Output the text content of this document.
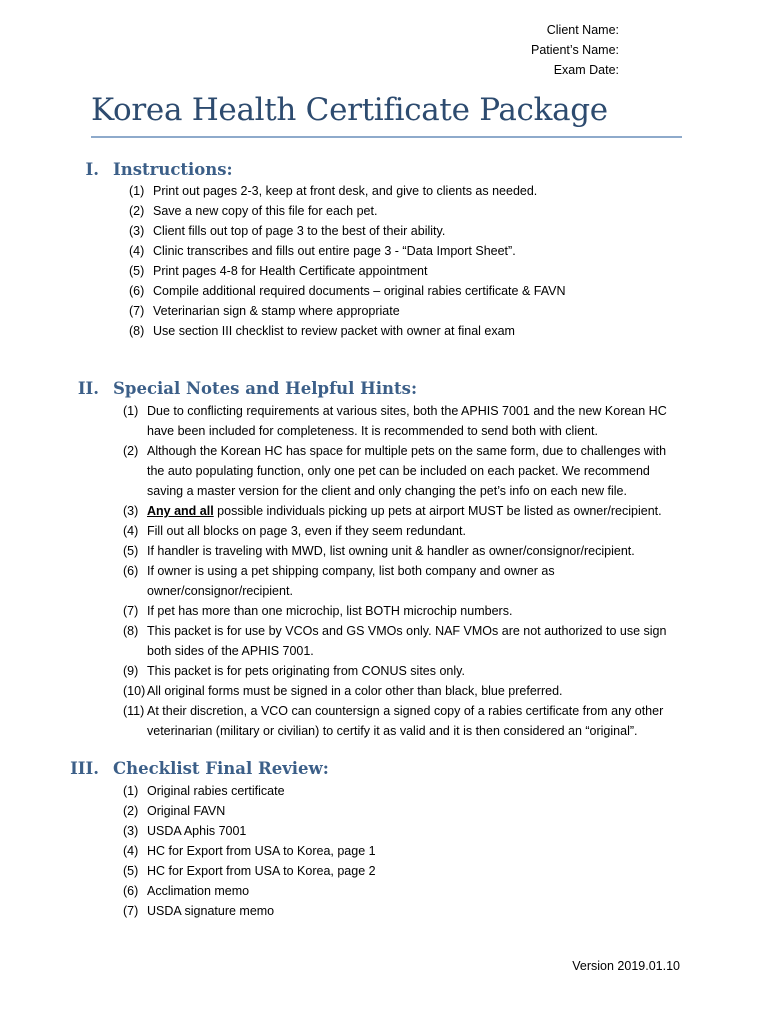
Client Name:
Patient’s Name:
Exam Date:
Korea Health Certificate Package
I. Instructions:
(1) Print out pages 2-3, keep at front desk, and give to clients as needed.
(2) Save a new copy of this file for each pet.
(3) Client fills out top of page 3 to the best of their ability.
(4) Clinic transcribes and fills out entire page 3 - “Data Import Sheet”.
(5) Print pages 4-8 for Health Certificate appointment
(6) Compile additional required documents – original rabies certificate & FAVN
(7) Veterinarian sign & stamp where appropriate
(8) Use section III checklist to review packet with owner at final exam
II. Special Notes and Helpful Hints:
(1) Due to conflicting requirements at various sites, both the APHIS 7001 and the new Korean HC
have been included for completeness. It is recommended to send both with client.
(2) Although the Korean HC has space for multiple pets on the same form, due to challenges with
the auto populating function, only one pet can be included on each packet. We recommend
saving a master version for the client and only changing the pet’s info on each new file.
(3) Any and all possible individuals picking up pets at airport MUST be listed as owner/recipient.
(4) Fill out all blocks on page 3, even if they seem redundant.
(5) If handler is traveling with MWD, list owning unit & handler as owner/consignor/recipient.
(6) If owner is using a pet shipping company, list both company and owner as
owner/consignor/recipient.
(7) If pet has more than one microchip, list BOTH microchip numbers.
(8) This packet is for use by VCOs and GS VMOs only. NAF VMOs are not authorized to use sign
both sides of the APHIS 7001.
(9) This packet is for pets originating from CONUS sites only.
(10) All original forms must be signed in a color other than black, blue preferred.
(11) At their discretion, a VCO can countersign a signed copy of a rabies certificate from any other
veterinarian (military or civilian) to certify it as valid and it is then considered an “original”.
III. Checklist Final Review:
(1) Original rabies certificate
(2) Original FAVN
(3) USDA Aphis 7001
(4) HC for Export from USA to Korea, page 1
(5) HC for Export from USA to Korea, page 2
(6) Acclimation memo
(7) USDA signature memo
Version 2019.01.10
